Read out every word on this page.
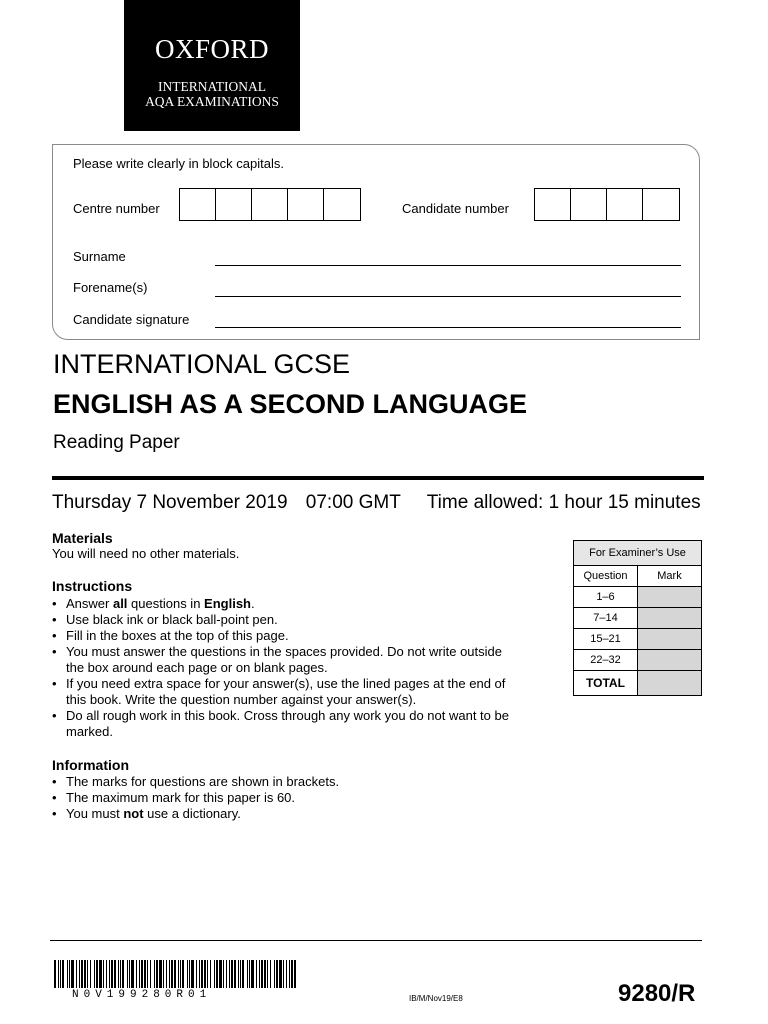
OXFORD
INTERNATIONAL
AQA EXAMINATIONS
Please write clearly in block capitals.
Centre number	Candidate number
Surname
Forename(s)
Candidate signature
INTERNATIONAL GCSE
ENGLISH AS A SECOND LANGUAGE
Reading Paper
Thursday 7 November 2019 07:00 GMT Time allowed: 1 hour 15 minutes
Materials

You will need no other materials.

Instructions
• Answer all questions in English.
• Use black ink or black ball-point pen.
• Fill in the boxes at the top of this page.
• You must answer the questions in the spaces provided. Do not write outside
the box around each page or on blank pages.
• If you need extra space for your answer(s), use the lined pages at the end of
this book. Write the question number against your answer(s).
• Do all rough work in this book. Cross through any work you do not want to be
marked.
Information
• The marks for questions are shown in brackets.
• The maximum mark for this paper is 60.
• You must not use a dictionary.
For Examiner’s Use	
Question	Mark
1–6	
7–14	
15–21	
22–32	
TOTAL	
N0V199280R01	IB/M/Nov19/E8	9280/R
